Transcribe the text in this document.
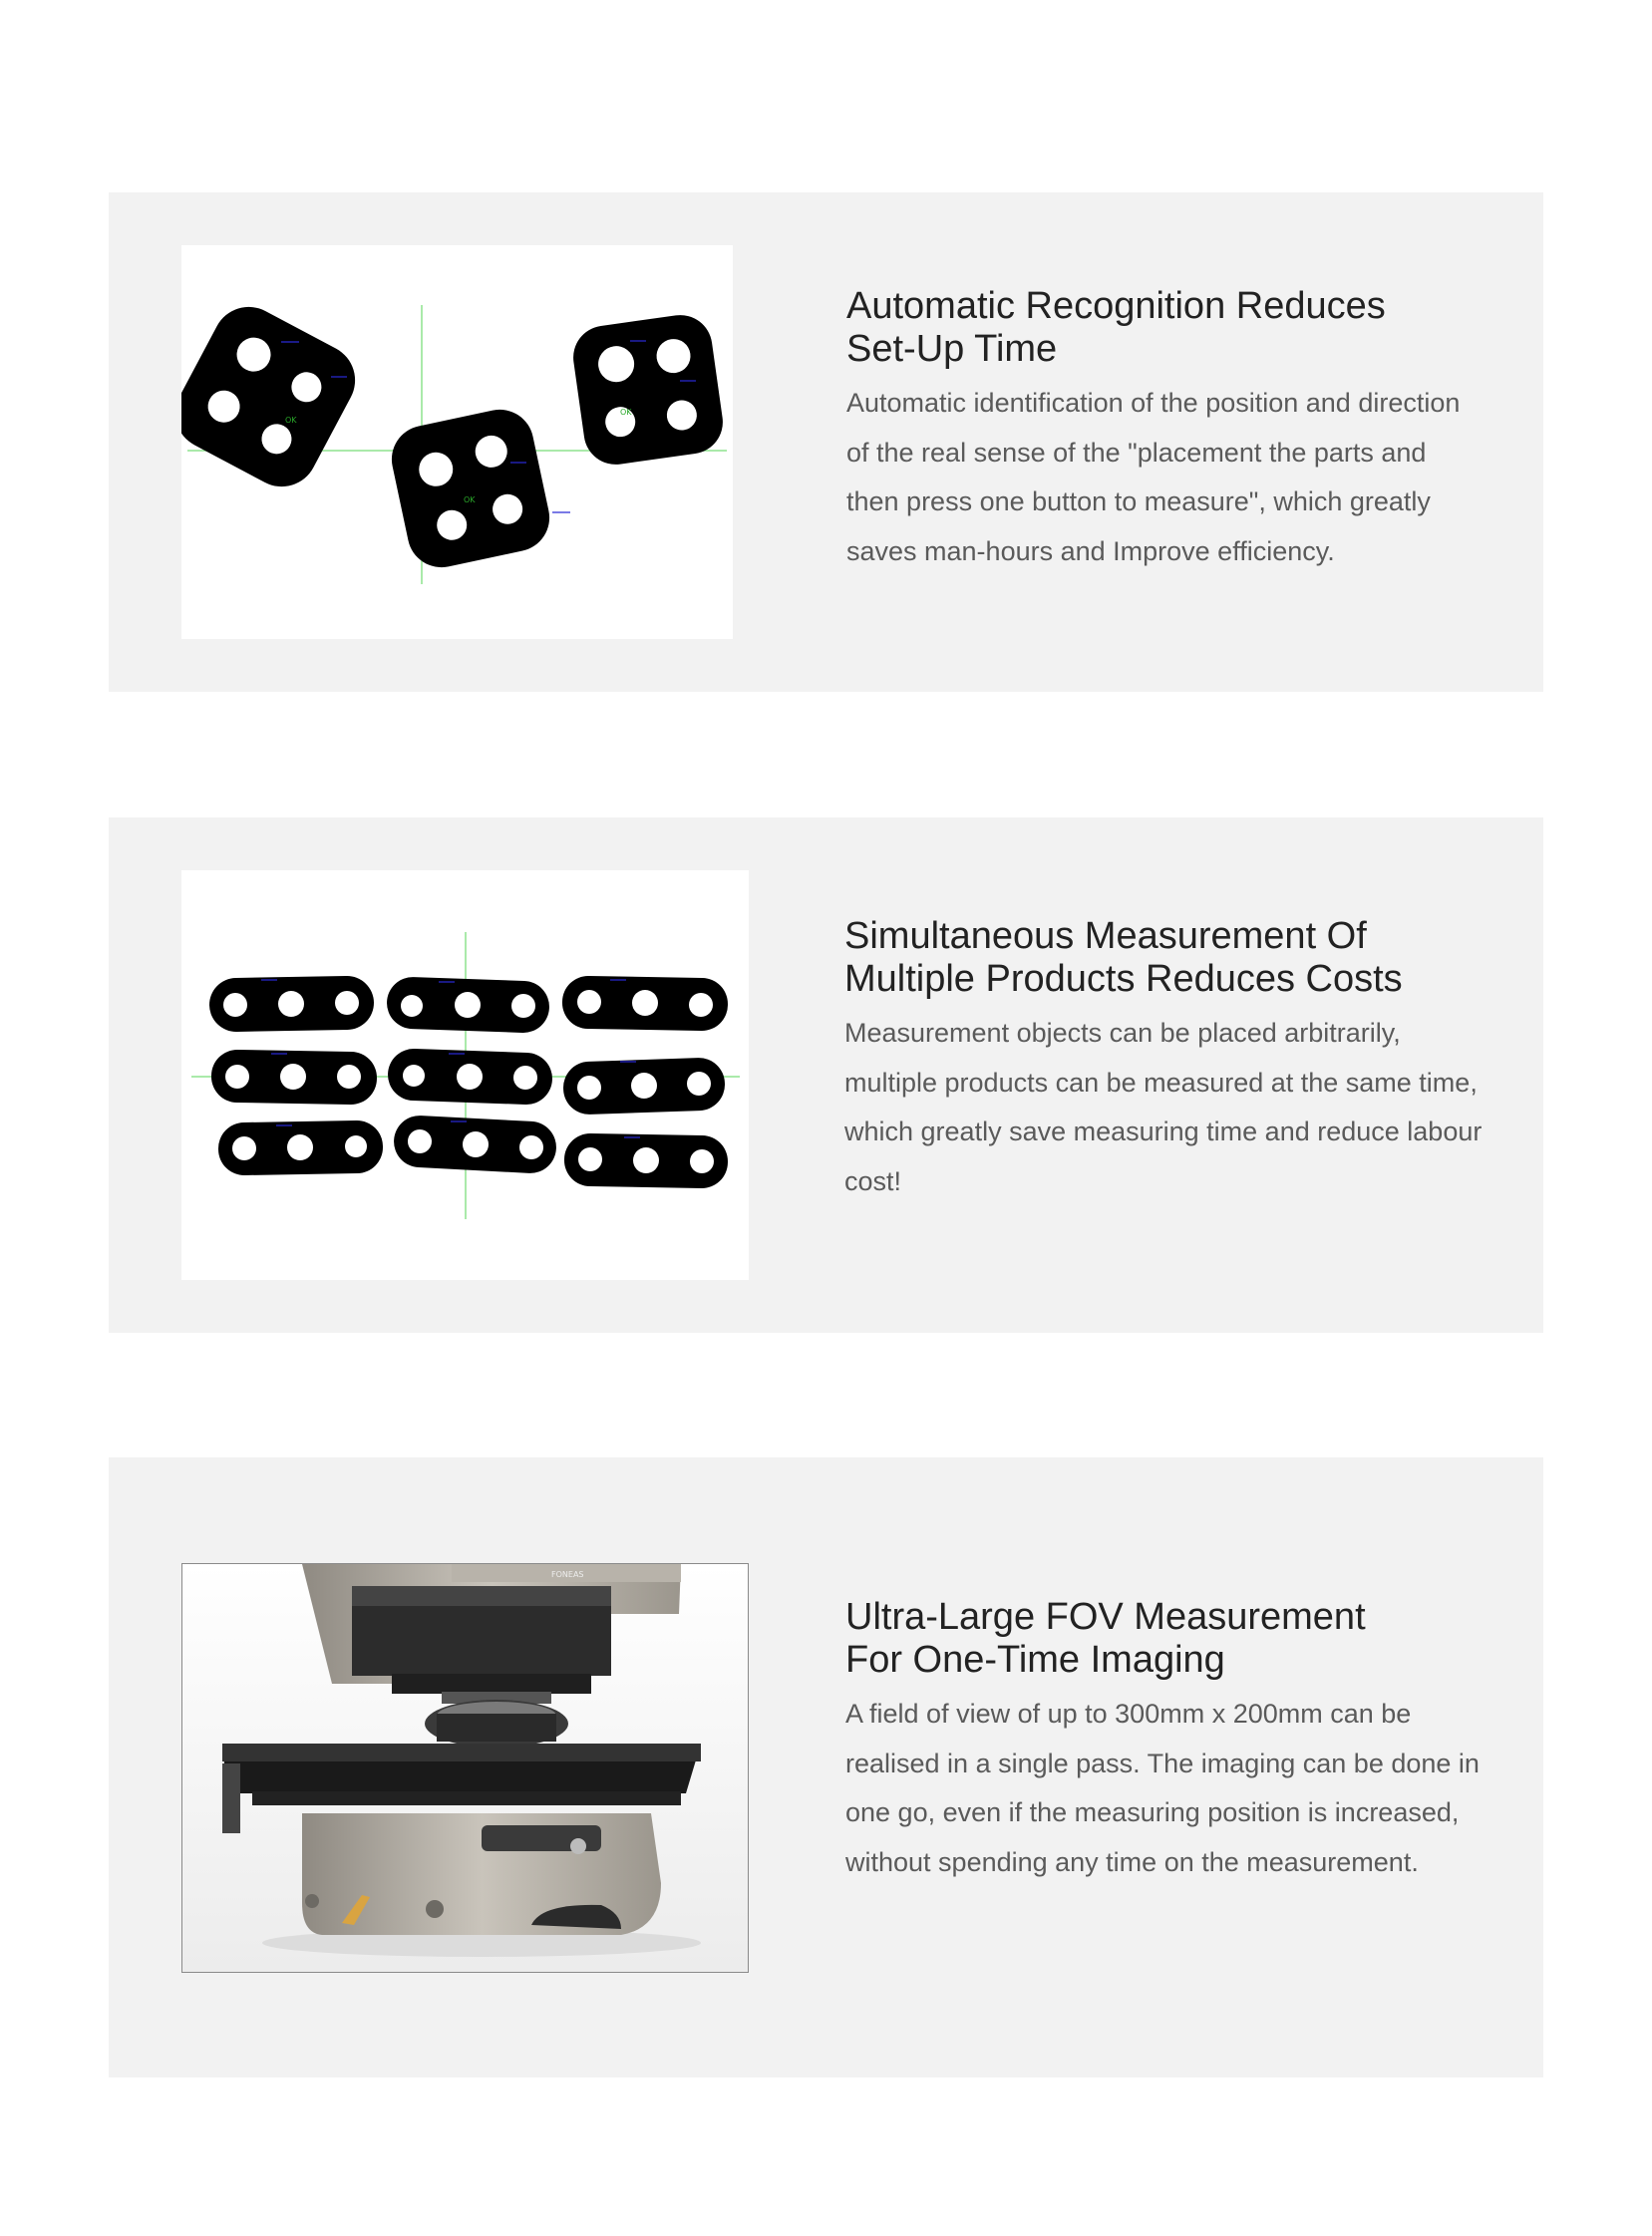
OK
OK
OK
Automatic Recognition Reduces
Set-Up Time

Automatic identification of the position and direction of the real sense of the "placement the parts and then press one button to measure", which greatly saves man-hours and Improve efficiency.

Simultaneous Measurement Of
Multiple Products Reduces Costs

Measurement objects can be placed arbitrarily, multiple products can be measured at the same time, which greatly save measuring time and reduce labour cost!

FONEAS
Ultra-Large FOV Measurement
For One-Time Imaging

A field of view of up to 300mm x 200mm can be realised in a single pass. The imaging can be done in one go, even if the measuring position is increased, without spending any time on the measurement.
